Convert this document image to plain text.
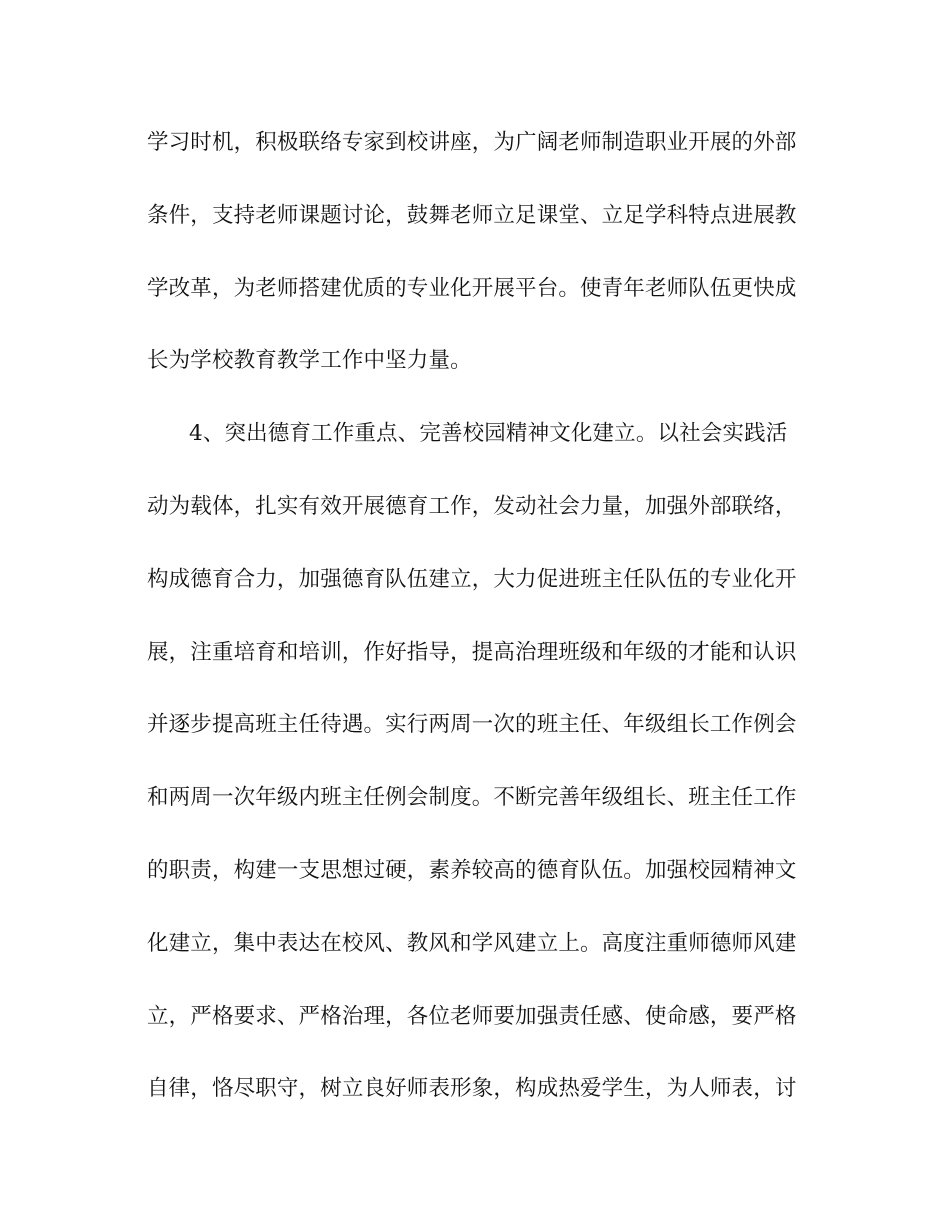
学习时机，积极联络专家到校讲座，为广阔老师制造职业开展的外部

条件，支持老师课题讨论，鼓舞老师立足课堂、立足学科特点进展教

学改革，为老师搭建优质的专业化开展平台。使青年老师队伍更快成

长为学校教育教学工作中坚力量。

4、突出德育工作重点、完善校园精神文化建立。以社会实践活

动为载体，扎实有效开展德育工作，发动社会力量，加强外部联络，

构成德育合力，加强德育队伍建立，大力促进班主任队伍的专业化开

展，注重培育和培训，作好指导，提高治理班级和年级的才能和认识

并逐步提高班主任待遇。实行两周一次的班主任、年级组长工作例会

和两周一次年级内班主任例会制度。不断完善年级组长、班主任工作

的职责，构建一支思想过硬，素养较高的德育队伍。加强校园精神文

化建立，集中表达在校风、教风和学风建立上。高度注重师德师风建

立，严格要求、严格治理，各位老师要加强责任感、使命感，要严格

自律，恪尽职守，树立良好师表形象，构成热爱学生，为人师表，讨
